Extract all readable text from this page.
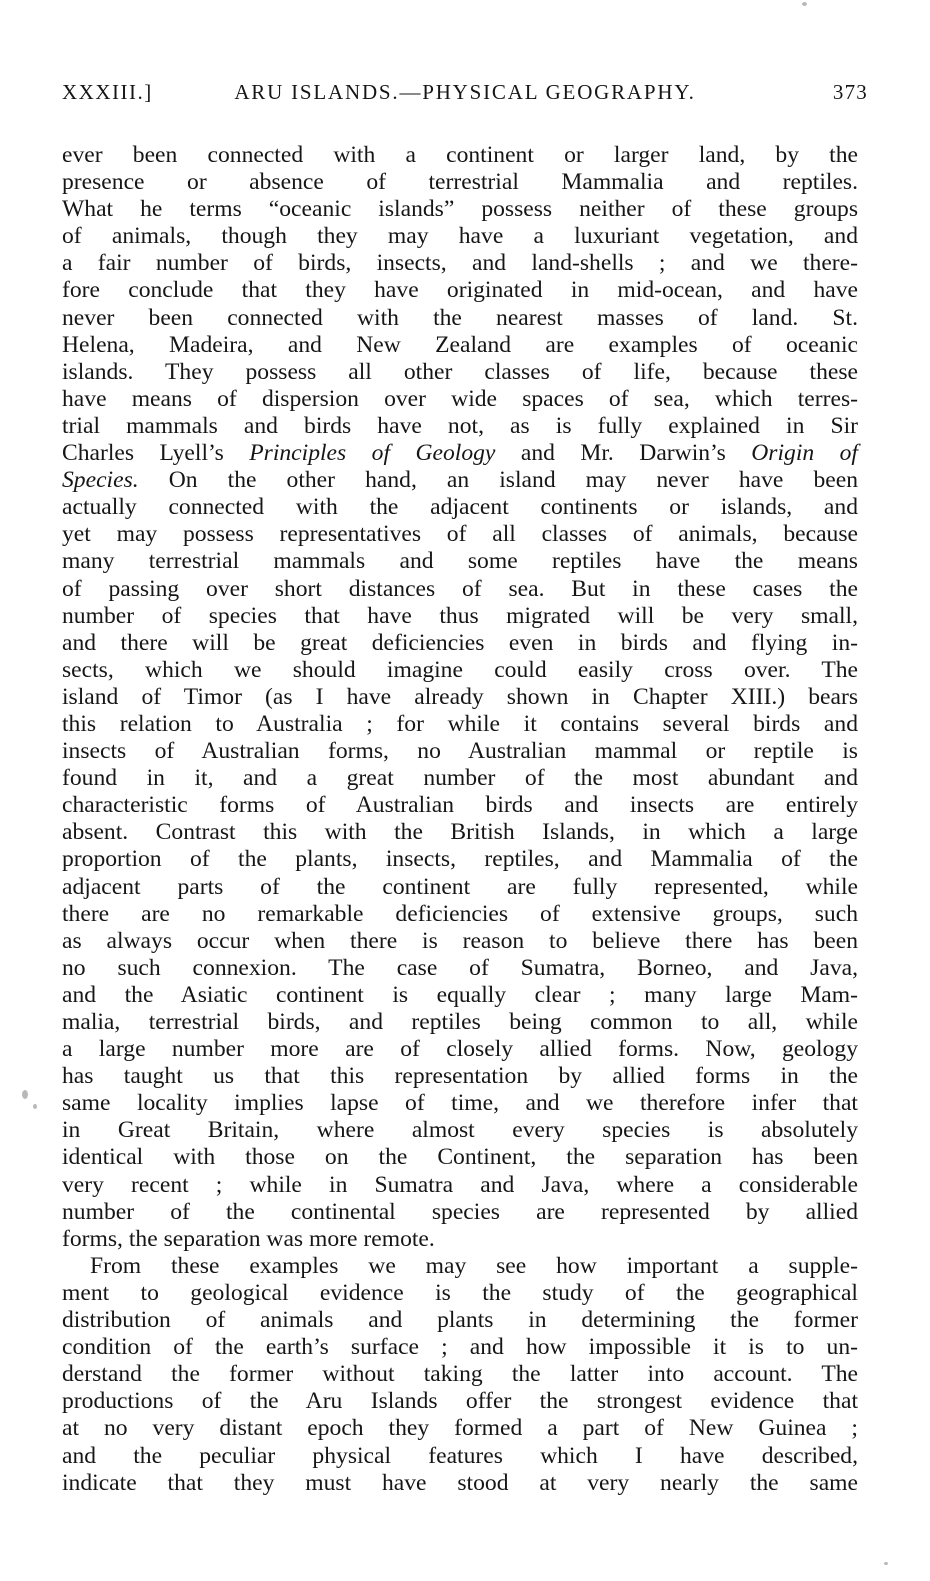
XXXIII.]	ARU ISLANDS.—PHYSICAL GEOGRAPHY.	373
ever been connected with a continent or larger land, by the
presence or absence of terrestrial Mammalia and reptiles.
What he terms “oceanic islands” possess neither of these groups
of animals, though they may have a luxuriant vegetation, and
a fair number of birds, insects, and land-shells ; and we there-
fore conclude that they have originated in mid-ocean, and have
never been connected with the nearest masses of land. St.
Helena, Madeira, and New Zealand are examples of oceanic
islands. They possess all other classes of life, because these
have means of dispersion over wide spaces of sea, which terres-
trial mammals and birds have not, as is fully explained in Sir
Charles Lyell’s Principles of Geology and Mr. Darwin’s Origin of
Species. On the other hand, an island may never have been
actually connected with the adjacent continents or islands, and
yet may possess representatives of all classes of animals, because
many terrestrial mammals and some reptiles have the means
of passing over short distances of sea. But in these cases the
number of species that have thus migrated will be very small,
and there will be great deficiencies even in birds and flying in-
sects, which we should imagine could easily cross over. The
island of Timor (as I have already shown in Chapter XIII.) bears
this relation to Australia ; for while it contains several birds and
insects of Australian forms, no Australian mammal or reptile is
found in it, and a great number of the most abundant and
characteristic forms of Australian birds and insects are entirely
absent. Contrast this with the British Islands, in which a large
proportion of the plants, insects, reptiles, and Mammalia of the
adjacent parts of the continent are fully represented, while
there are no remarkable deficiencies of extensive groups, such
as always occur when there is reason to believe there has been
no such connexion. The case of Sumatra, Borneo, and Java,
and the Asiatic continent is equally clear ; many large Mam-
malia, terrestrial birds, and reptiles being common to all, while
a large number more are of closely allied forms. Now, geology
has taught us that this representation by allied forms in the
same locality implies lapse of time, and we therefore infer that
in Great Britain, where almost every species is absolutely
identical with those on the Continent, the separation has been
very recent ; while in Sumatra and Java, where a considerable
number of the continental species are represented by allied
forms, the separation was more remote.
From these examples we may see how important a supple-
ment to geological evidence is the study of the geographical
distribution of animals and plants in determining the former
condition of the earth’s surface ; and how impossible it is to un-
derstand the former without taking the latter into account. The
productions of the Aru Islands offer the strongest evidence that
at no very distant epoch they formed a part of New Guinea ;
and the peculiar physical features which I have described,
indicate that they must have stood at very nearly the same
